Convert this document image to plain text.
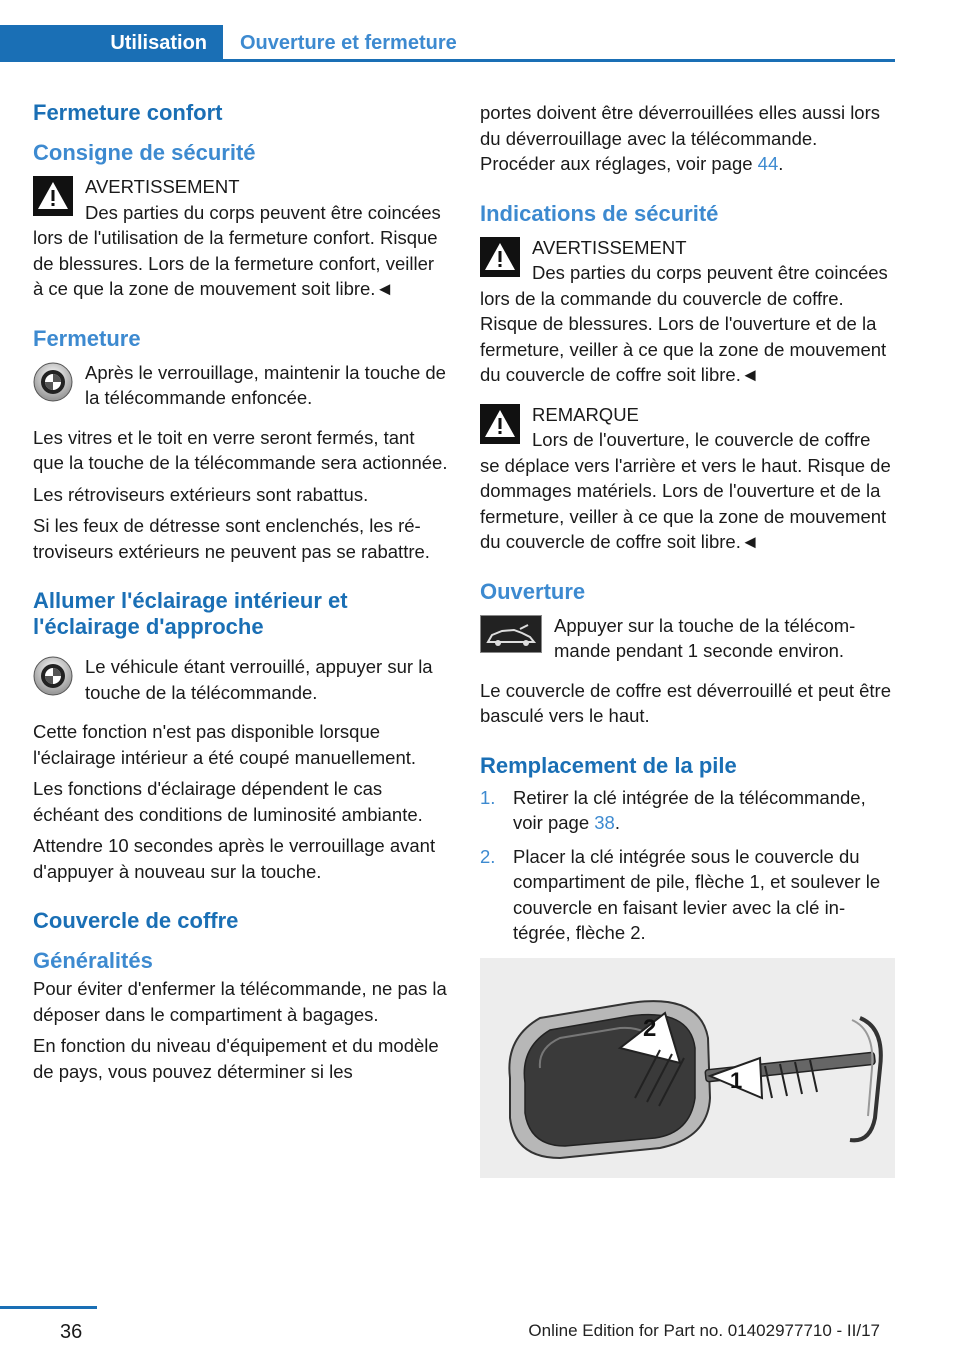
Utilisation	Ouverture et fermeture
Fermeture confort
Consigne de sécurité
AVERTISSEMENT
Des parties du corps peuvent être coincées lors de l'utilisation de la fermeture confort. Risque de blessures. Lors de la fermeture confort, veiller à ce que la zone de mouvement soit libre.◄
Fermeture
Après le verrouillage, maintenir la touche de la télécommande enfoncée.
Les vitres et le toit en verre seront fermés, tant que la touche de la télécommande sera actionnée.
Les rétroviseurs extérieurs sont rabattus.
Si les feux de détresse sont enclenchés, les rétroviseurs extérieurs ne peuvent pas se rabattre.
Allumer l'éclairage intérieur et l'éclairage d'approche
Le véhicule étant verrouillé, appuyer sur la touche de la télécommande.
Cette fonction n'est pas disponible lorsque l'éclairage intérieur a été coupé manuellement.
Les fonctions d'éclairage dépendent le cas échéant des conditions de luminosité ambiante.
Attendre 10 secondes après le verrouillage avant d'appuyer à nouveau sur la touche.
Couvercle de coffre
Généralités
Pour éviter d'enfermer la télécommande, ne pas la déposer dans le compartiment à bagages.
En fonction du niveau d'équipement et du modèle de pays, vous pouvez déterminer si les
portes doivent être déverrouillées elles aussi lors du déverrouillage avec la télécommande. Procéder aux réglages, voir page 44.
Indications de sécurité
AVERTISSEMENT
Des parties du corps peuvent être coincées lors de la commande du couvercle de coffre. Risque de blessures. Lors de l'ouverture et de la fermeture, veiller à ce que la zone de mouvement du couvercle de coffre soit libre.◄
REMARQUE
Lors de l'ouverture, le couvercle de coffre se déplace vers l'arrière et vers le haut. Risque de dommages matériels. Lors de l'ouverture et de la fermeture, veiller à ce que la zone de mouvement du couvercle de coffre soit libre.◄
Ouverture
Appuyer sur la touche de la télécommande pendant 1 seconde environ.
Le couvercle de coffre est déverrouillé et peut être basculé vers le haut.
Remplacement de la pile
1. Retirer la clé intégrée de la télécommande, voir page 38.
2. Placer la clé intégrée sous le couvercle du compartiment de pile, flèche 1, et soulever le couvercle en faisant levier avec la clé intégrée, flèche 2.
2
1
36	Online Edition for Part no. 01402977710 - II/17
